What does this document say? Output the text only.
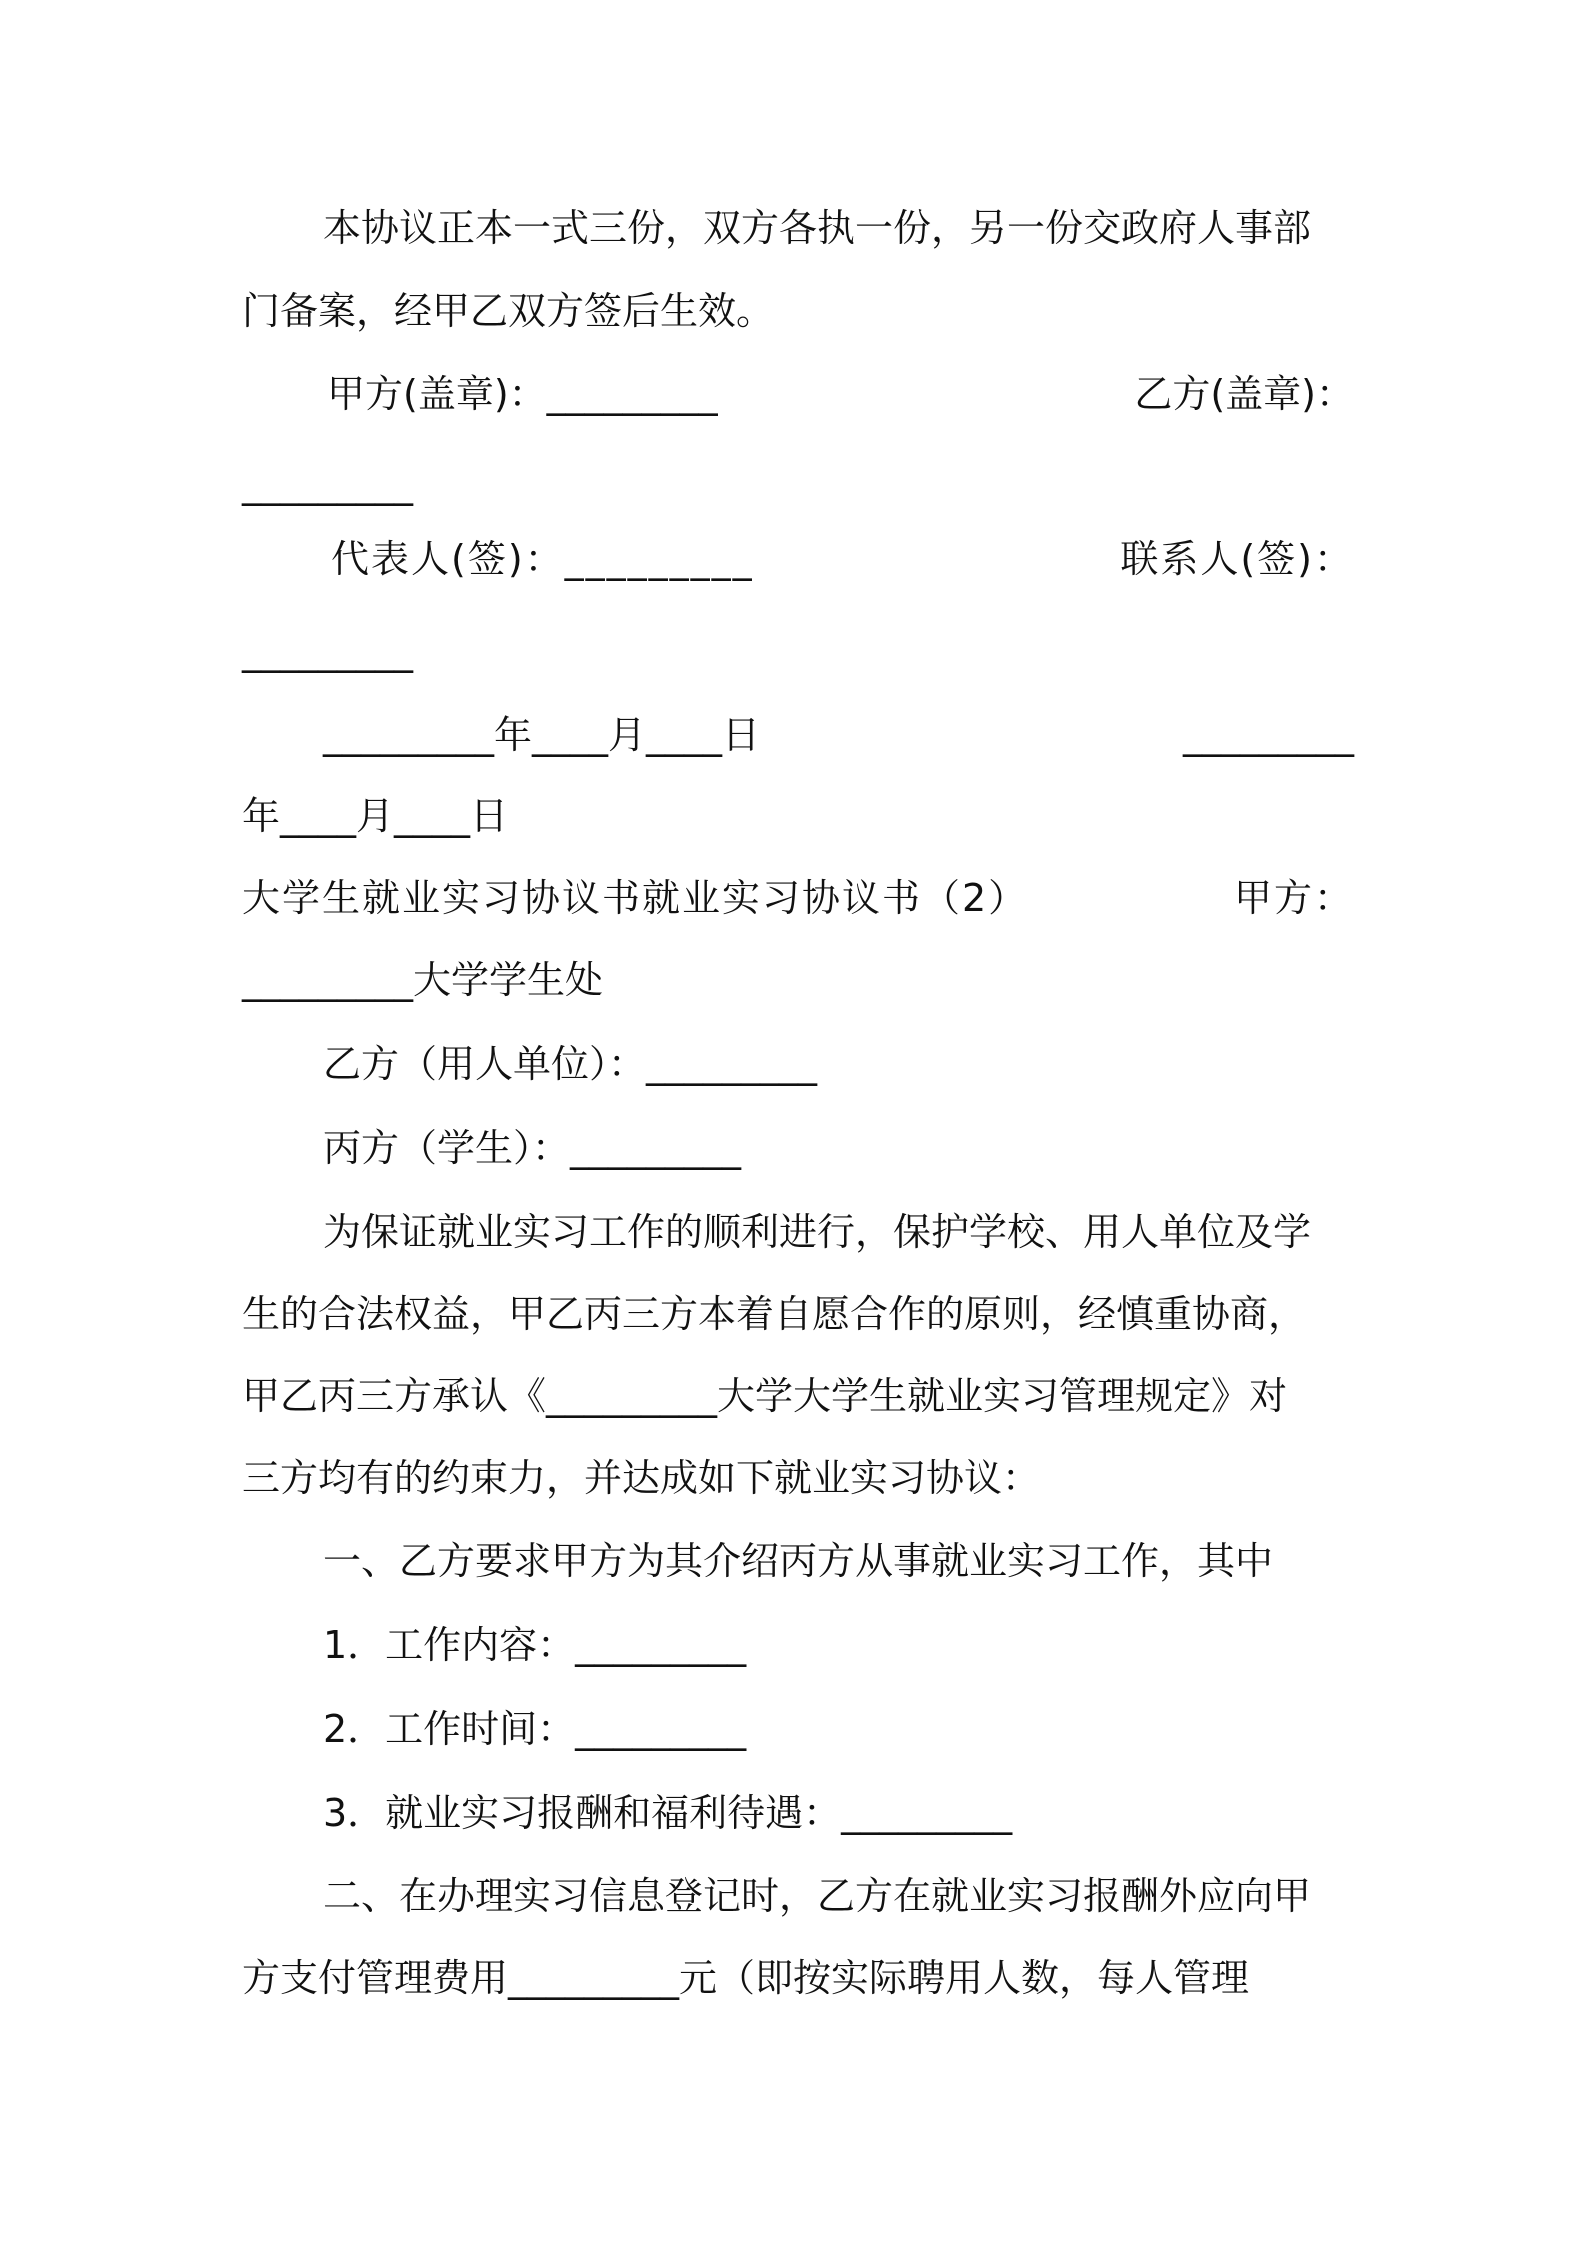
本协议正本一式三份，双方各执一份，另一份交政府人事部

门备案，经甲乙双方签后生效。

甲方(盖章)：_________	乙方(盖章)：

_________

代表人(签)：_________	联系人(签)：

_________

_________年____月____日	_________

年____月____日

大学生就业实习协议书就业实习协议书（2）	甲方：

_________大学学生处

乙方（用人单位）：_________

丙方（学生）：_________

为保证就业实习工作的顺利进行，保护学校、用人单位及学

生的合法权益，甲乙丙三方本着自愿合作的原则，经慎重协商，

甲乙丙三方承认《_________大学大学生就业实习管理规定》对

三方均有的约束力，并达成如下就业实习协议：

一、乙方要求甲方为其介绍丙方从事就业实习工作，其中

1．工作内容：_________

2．工作时间：_________

3．就业实习报酬和福利待遇：_________

二、在办理实习信息登记时，乙方在就业实习报酬外应向甲

方支付管理费用_________元（即按实际聘用人数，每人管理
